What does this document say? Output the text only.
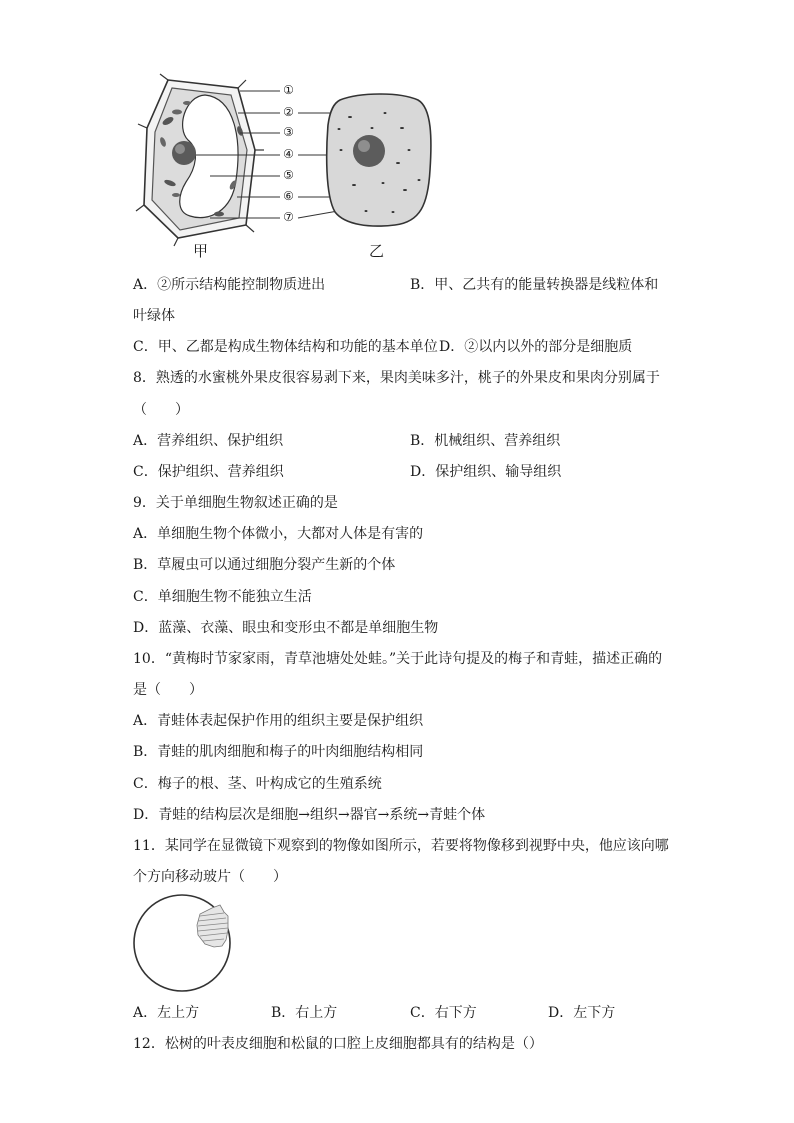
①
②
③
④
⑤
⑥
⑦
甲	乙
A．②所示结构能控制物质进出	B．甲、乙共有的能量转换器是线粒体和
叶绿体
C．甲、乙都是构成生物体结构和功能的基本单位 D．②以内以外的部分是细胞质
8．熟透的水蜜桃外果皮很容易剥下来，果肉美味多汁，桃子的外果皮和果肉分别属于
（　　）
A．营养组织、保护组织	B．机械组织、营养组织
C．保护组织、营养组织	D．保护组织、输导组织
9．关于单细胞生物叙述正确的是
A．单细胞生物个体微小，大都对人体是有害的
B．草履虫可以通过细胞分裂产生新的个体
C．单细胞生物不能独立生活
D．蓝藻、衣藻、眼虫和变形虫不都是单细胞生物
10．“黄梅时节家家雨，青草池塘处处蛙。”关于此诗句提及的梅子和青蛙，描述正确的
是（　　）
A．青蛙体表起保护作用的组织主要是保护组织
B．青蛙的肌肉细胞和梅子的叶肉细胞结构相同
C．梅子的根、茎、叶构成它的生殖系统
D．青蛙的结构层次是细胞→组织→器官→系统→青蛙个体
11．某同学在显微镜下观察到的物像如图所示，若要将物像移到视野中央，他应该向哪
个方向移动玻片（　　）
A．左上方	B．右上方	C．右下方	D．左下方
12．松树的叶表皮细胞和松鼠的口腔上皮细胞都具有的结构是（）
